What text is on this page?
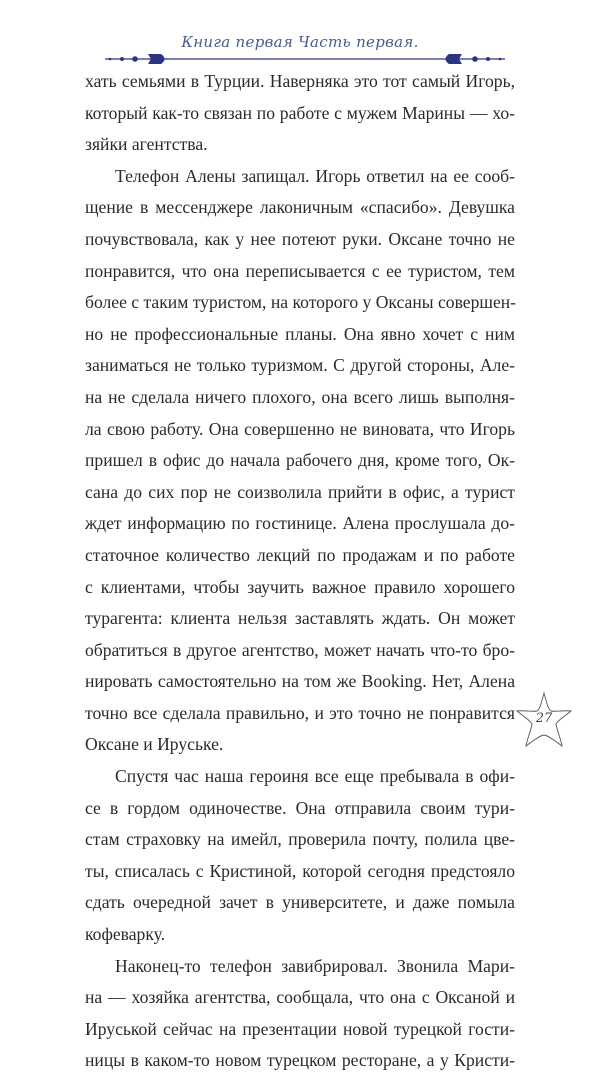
Книга первая Часть первая.
хать семьями в Турции. Наверняка это тот самый Игорь,
который как-то связан по работе с мужем Марины — хо-
зяйки агентства.
Телефон Алены запищал. Игорь ответил на ее сооб-
щение в мессенджере лаконичным «спасибо». Девушка
почувствовала, как у нее потеют руки. Оксане точно не
понравится, что она переписывается с ее туристом, тем
более с таким туристом, на которого у Оксаны совершен-
но не профессиональные планы. Она явно хочет с ним
заниматься не только туризмом. С другой стороны, Але-
на не сделала ничего плохого, она всего лишь выполня-
ла свою работу. Она совершенно не виновата, что Игорь
пришел в офис до начала рабочего дня, кроме того, Ок-
сана до сих пор не соизволила прийти в офис, а турист
ждет информацию по гостинице. Алена прослушала до-
статочное количество лекций по продажам и по работе
с клиентами, чтобы заучить важное правило хорошего
турагента: клиента нельзя заставлять ждать. Он может
обратиться в другое агентство, может начать что-то бро-
нировать самостоятельно на том же Booking. Нет, Алена
точно все сделала правильно, и это точно не понравится
Оксане и Ируське.
Спустя час наша героиня все еще пребывала в офи-
се в гордом одиночестве. Она отправила своим тури-
стам страховку на имейл, проверила почту, полила цве-
ты, списалась с Кристиной, которой сегодня предстояло
сдать очередной зачет в университете, и даже помыла
кофеварку.
Наконец-то телефон завибрировал. Звонила Мари-
на — хозяйка агентства, сообщала, что она с Оксаной и
Ируськой сейчас на презентации новой турецкой гости-
ницы в каком-то новом турецком ресторане, а у Кристи-
27
